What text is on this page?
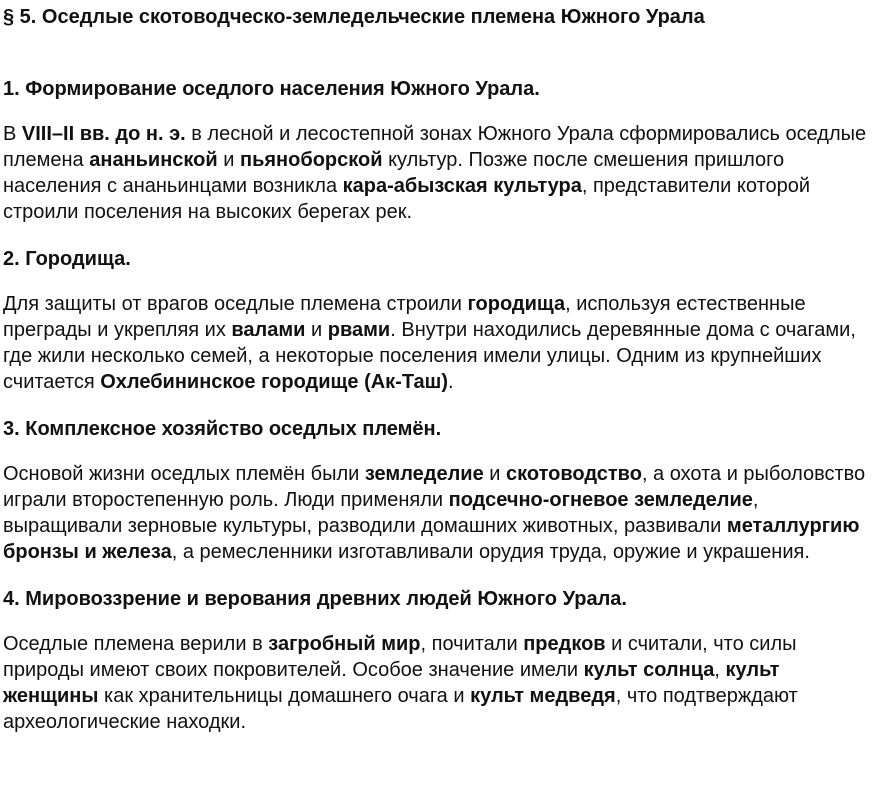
§ 5. Оседлые скотоводческо-земледельческие племена Южного Урала
1. Формирование оседлого населения Южного Урала.

В VIII–II вв. до н. э. в лесной и лесостепной зонах Южного Урала сформировались оседлые племена ананьинской и пьяноборской культур. Позже после смешения пришлого населения с ананьинцами возникла кара-абызская культура, представители которой строили поселения на высоких берегах рек.

2. Городища.

Для защиты от врагов оседлые племена строили городища, используя естественные преграды и укрепляя их валами и рвами. Внутри находились деревянные дома с очагами, где жили несколько семей, а некоторые поселения имели улицы. Одним из крупнейших считается Охлебининское городище (Ак-Таш).

3. Комплексное хозяйство оседлых племён.

Основой жизни оседлых племён были земледелие и скотоводство, а охота и рыболовство играли второстепенную роль. Люди применяли подсечно-огневое земледелие, выращивали зерновые культуры, разводили домашних животных, развивали металлургию бронзы и железа, а ремесленники изготавливали орудия труда, оружие и украшения.

4. Мировоззрение и верования древних людей Южного Урала.

Оседлые племена верили в загробный мир, почитали предков и считали, что силы природы имеют своих покровителей. Особое значение имели культ солнца, культ женщины как хранительницы домашнего очага и культ медведя, что подтверждают археологические находки.
